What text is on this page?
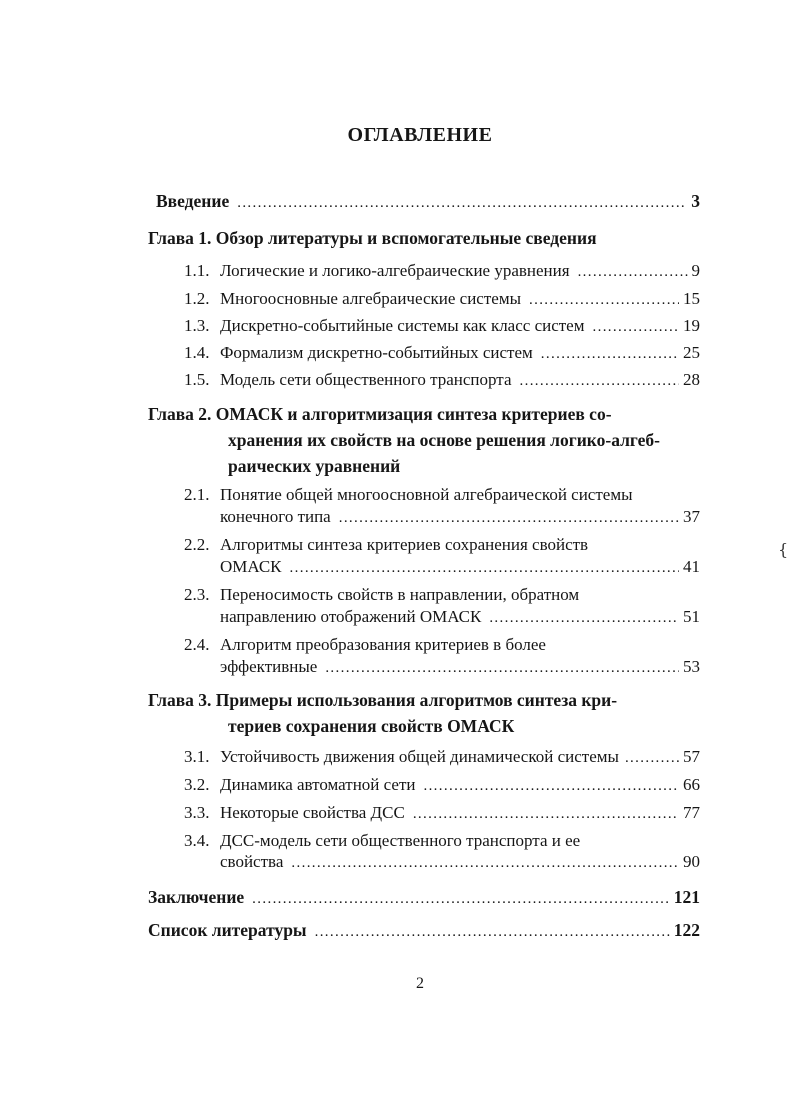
ОГЛАВЛЕНИЕ
Введение . . .	3
Глава 1. Обзор литературы и вспомогательные сведения
1.1. Логические и логико-алгебраические уравнения . . .	9
1.2. Многоосновные алгебраические системы . . .	15
1.3. Дискретно-событийные системы как класс систем . . .	19
1.4. Формализм дискретно-событийных систем . . .	25
1.5. Модель сети общественного транспорта . . .	28
Глава 2. ОМАСК и алгоритмизация синтеза критериев со-
хранения их свойств на основе решения логико-алгеб-
раических уравнений
2.1. Понятие общей многоосновной алгебраической системы
конечного типа . . .	37
2.2. Алгоритмы синтеза критериев сохранения свойств
ОМАСК . . .	41
2.3. Переносимость свойств в направлении, обратном
направлению отображений ОМАСК . . .	51
2.4. Алгоритм преобразования критериев в более
эффективные . . .	53
Глава 3. Примеры использования алгоритмов синтеза кри-
териев сохранения свойств ОМАСК
3.1. Устойчивость движения общей динамической системы . . .	57
3.2. Динамика автоматной сети . . .	66
3.3. Некоторые свойства ДСС . . .	77
3.4. ДСС-модель сети общественного транспорта и ее
свойства . . .	90
Заключение . . .	121
Список литературы . . .	122
2
{
